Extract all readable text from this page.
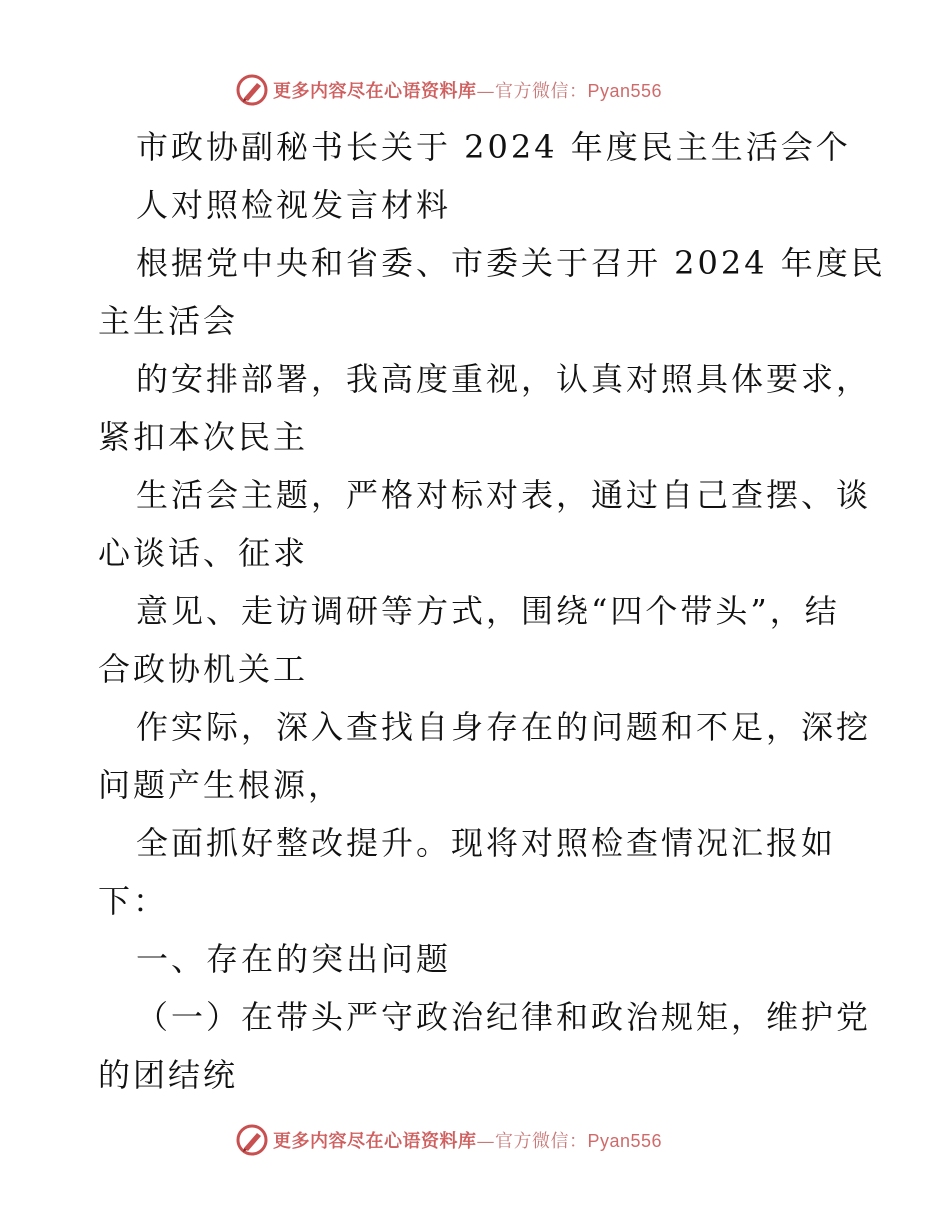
更多内容尽在心语资料库—官方微信：Pyan556
市政协副秘书长关于 2024 年度民主生活会个
人对照检视发言材料
根据党中央和省委、市委关于召开 2024 年度民
主生活会
的安排部署，我高度重视，认真对照具体要求，
紧扣本次民主
生活会主题，严格对标对表，通过自己查摆、谈
心谈话、征求
意见、走访调研等方式，围绕“四个带头”，结
合政协机关工
作实际，深入查找自身存在的问题和不足，深挖
问题产生根源，
全面抓好整改提升。现将对照检查情况汇报如
下：
一、存在的突出问题
（一）在带头严守政治纪律和政治规矩，维护党
的团结统
更多内容尽在心语资料库—官方微信：Pyan556
